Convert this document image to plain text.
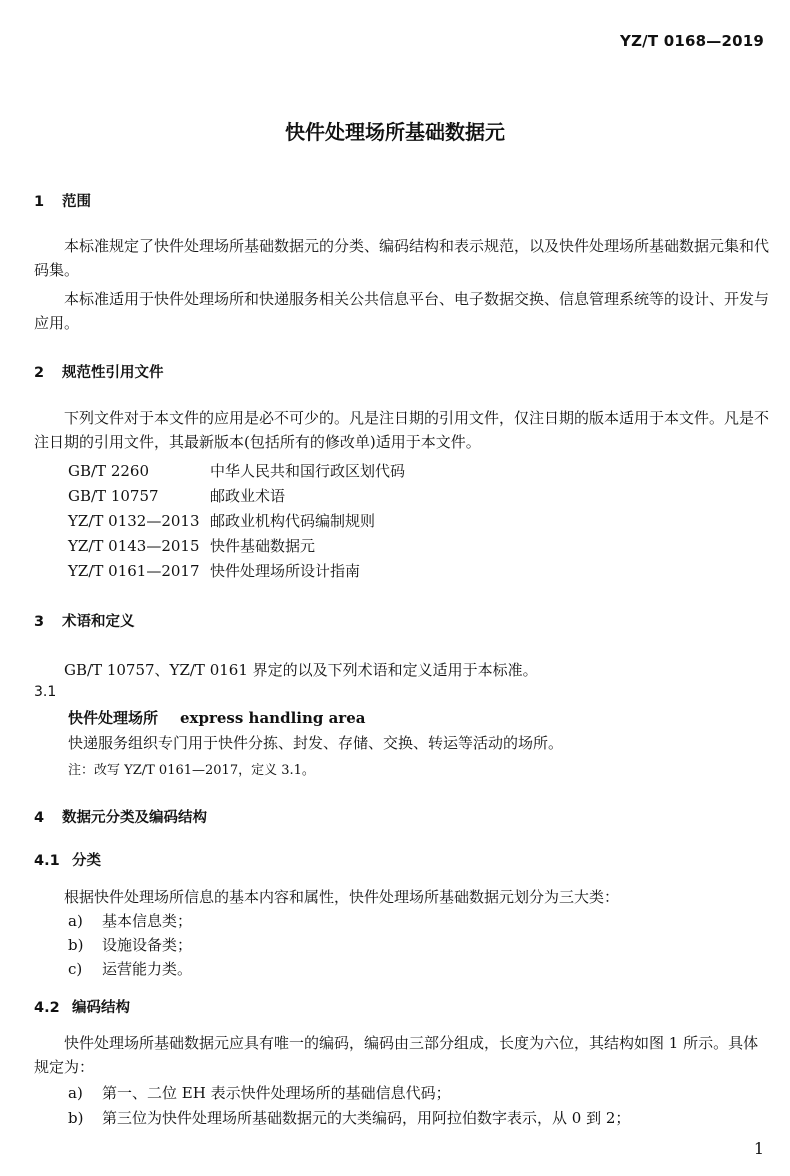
YZ/T 0168—2019
快件处理场所基础数据元
1 范围
本标准规定了快件处理场所基础数据元的分类、编码结构和表示规范，以及快件处理场所基础数据元集和代码集。
本标准适用于快件处理场所和快递服务相关公共信息平台、电子数据交换、信息管理系统等的设计、开发与应用。
2 规范性引用文件
下列文件对于本文件的应用是必不可少的。凡是注日期的引用文件，仅注日期的版本适用于本文件。凡是不注日期的引用文件，其最新版本(包括所有的修改单)适用于本文件。
GB/T 2260	中华人民共和国行政区划代码
GB/T 10757	邮政业术语
YZ/T 0132—2013 邮政业机构代码编制规则
YZ/T 0143—2015 快件基础数据元
YZ/T 0161—2017 快件处理场所设计指南
3 术语和定义
GB/T 10757、YZ/T 0161 界定的以及下列术语和定义适用于本标准。
3.1
快件处理场所 express handling area
快递服务组织专门用于快件分拣、封发、存储、交换、转运等活动的场所。
注：改写 YZ/T 0161—2017，定义 3.1。
4 数据元分类及编码结构
4.1 分类
根据快件处理场所信息的基本内容和属性，快件处理场所基础数据元划分为三大类：
a) 基本信息类；
b) 设施设备类；
c) 运营能力类。
4.2 编码结构
快件处理场所基础数据元应具有唯一的编码，编码由三部分组成，长度为六位，其结构如图 1 所示。具体规定为：
a) 第一、二位 EH 表示快件处理场所的基础信息代码；
b) 第三位为快件处理场所基础数据元的大类编码，用阿拉伯数字表示，从 0 到 2；
1
